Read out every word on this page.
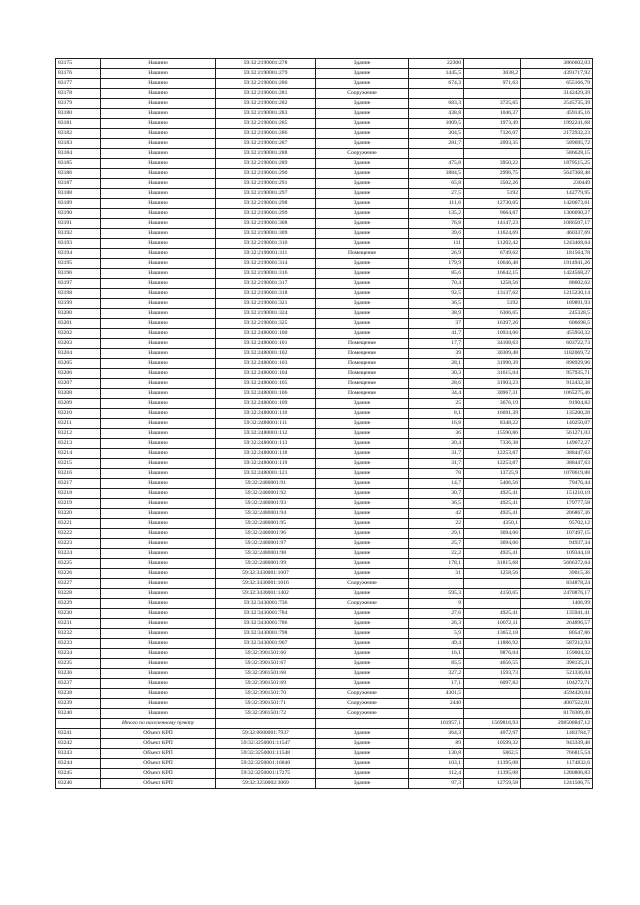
83175	Нашино	59:32:2190001:278	Здание	22300		3866602,03
83176	Нашино	59:32:2190001:279	Здание	1445,5	3038,2	4391717,92
83177	Нашино	59:32:2190001:280	Здание	674,3	971,63	655166,79
83178	Нашино	59:32:2190001:281	Сооружение			3142429,39
83179	Нашино	59:32:2190001:282	Здание	683,3	3725,65	2545735,39
83180	Нашино	59:32:2190001:283	Здание	438,8	1046,37	459145,16
83181	Нашино	59:32:2190001:285	Здание	1009,5	1973,49	1992241,68
83182	Нашино	59:32:2190001:286	Здание	304,5	7126,07	2172932,23
83183	Нашино	59:32:2190001:287	Здание	281,7	2093,35	589695,72
83184	Нашино	59:32:2190001:288	Сооружение			586628,15
83185	Нашино	59:32:2190001:289	Здание	475,8	3950,22	1879515,25
83186	Нашино	59:32:2190001:290	Здание	1884,5	2996,75	5647368,48
83187	Нашино	59:32:2190001:291	Здание	65,8	3502,26	230449
83188	Нашино	59:32:2190001:297	Здание	27,5	5192	142779,95
83189	Нашино	59:32:2190001:298	Здание	111,6	12730,05	1420673,61
83190	Нашино	59:32:2190001:299	Здание	135,2	9664,87	1306690,27
83191	Нашино	59:32:2190001:308	Здание	76,8	14147,23	1086507,17
83192	Нашино	59:32:2190001:309	Здание	39,6	11624,69	460337,69
83193	Нашино	59:32:2190001:310	Здание	111	11202,42	1243468,64
83194	Нашино	59:32:2190001:311	Помещение	26,9	6749,62	181564,78
83195	Нашино	59:32:2190001:314	Здание	179,9	10646,48	1914941,26
83196	Нашино	59:32:2190001:316	Здание	85,6	16642,15	1424568,27
83197	Нашино	59:32:2190001:317	Здание	70,4	1258,56	88602,62
83198	Нашино	59:32:2190001:318	Здание	92,5	13137,62	1215230,14
83199	Нашино	59:32:2190001:321	Здание	36,5	5192	189891,93
83200	Нашино	59:32:2190001:324	Здание	38,9	6306,65	245328,5
83201	Нашино	59:32:2190001:325	Здание	37	16397,26	606698,5
83202	Нашино	59:32:2480001:100	Здание	41,7	10934,06	455950,32
83203	Нашино	59:32:2480001:101	Помещение	17,7	34108,63	603722,73
83204	Нашино	59:32:2480001:102	Помещение	39	30309,48	1182069,72
83205	Нашино	59:32:2480001:103	Помещение	28,1	31990,39	898929,96
83206	Нашино	59:32:2480001:104	Помещение	30,3	31615,04	957935,71
83207	Нашино	59:32:2480001:105	Помещение	28,6	31903,23	912432,38
83208	Нашино	59:32:2480001:106	Помещение	34,4	30967,31	1065275,46
83209	Нашино	59:32:2480001:109	Здание	25	3676,19	91904,82
83210	Нашино	59:32:2480001:110	Здание	8,1	16691,39	135200,28
83211	Нашино	59:32:2480001:111	Здание	16,8	8348,22	140250,07
83212	Нашино	59:32:2480001:112	Здание	36	15590,86	561271,03
83213	Нашино	59:32:2480001:113	Здание	20,4	7336,38	149672,27
83214	Нашино	59:32:2480001:118	Здание	31,7	12253,87	388447,63
83215	Нашино	59:32:2480001:119	Здание	31,7	12253,87	388447,63
83216	Нашино	59:32:2480001:121	Здание	78	13725,9	1070619,88
83217	Нашино	59:32:2480001:91	Здание	14,7	5406,56	79476,44
83218	Нашино	59:32:2480001:92	Здание	30,7	4925,41	151210,19
83219	Нашино	59:32:2480001:93	Здание	36,5	4925,41	179777,58
83220	Нашино	59:32:2480001:94	Здание	42	4925,41	206867,36
83221	Нашино	59:32:2480001:95	Здание	22	4350,1	95702,12
83222	Нашино	59:32:2480001:96	Здание	29,1	3694,06	107497,15
83223	Нашино	59:32:2480001:97	Здание	25,7	3694,06	94937,34
83224	Нашино	59:32:2480001:98	Здание	22,2	4925,41	109344,18
83225	Нашино	59:32:2480001:99	Здание	178,1	31815,68	5666372,64
83226	Нашино	59:32:3430001:1007	Здание	31	1258,56	39015,36
83227	Нашино	59:32:3430001:1016	Сооружение			834878,24
83228	Нашино	59:32:3430001:1402	Здание	595,3	4150,65	2470876,17
83229	Нашино	59:32:3430001:736	Сооружение	9		1406,99
83230	Нашино	59:32:3430001:784	Здание	27,6	4925,41	135941,41
83231	Нашино	59:32:3430001:786	Здание	26,3	10072,11	264896,57
83232	Нашино	59:32:3430001:798	Здание	5,9	13652,18	80547,86
83233	Нашино	59:32:3430001:907	Здание	49,4	11886,92	587212,93
83234	Нашино	59:32:3901501:66	Здание	16,1	9876,04	159004,32
83235	Нашино	59:32:3901501:67	Здание	85,5	4656,55	398135,21
83236	Нашино	59:32:3901501:68	Здание	327,2	1593,73	521336,04
83237	Нашино	59:32:3901501:69	Здание	17,1	6097,82	104272,71
83238	Нашино	59:32:3901501:70	Сооружение	4301,5		4594420,04
83239	Нашино	59:32:3901501:71	Сооружение	2440		4007522,01
83240	Нашино	59:32:3901501:72	Сооружение			8170309,49
	Итого по населенному пункту			101957,1	1569816,93	298508847,12
83241	Объект КРП	59:32:0680001:7937	Здание	364,3	4072,97	1483784,7
83242	Объект КРП	59:32:3250001:11547	Здание	89	10599,32	943339,48
83243	Объект КРП	59:32:3250001:11548	Здание	130,8	5862,5	766815,54
83244	Объект КРП	59:32:3250001:16840	Здание	103,1	11395,08	1174832,6
83245	Объект КРП	59:32:3250001:17275	Здание	112,4	11395,08	1280806,83
83246	Объект КРП	59:32:3250002:3069	Здание	97,3	12759,58	1241506,75
